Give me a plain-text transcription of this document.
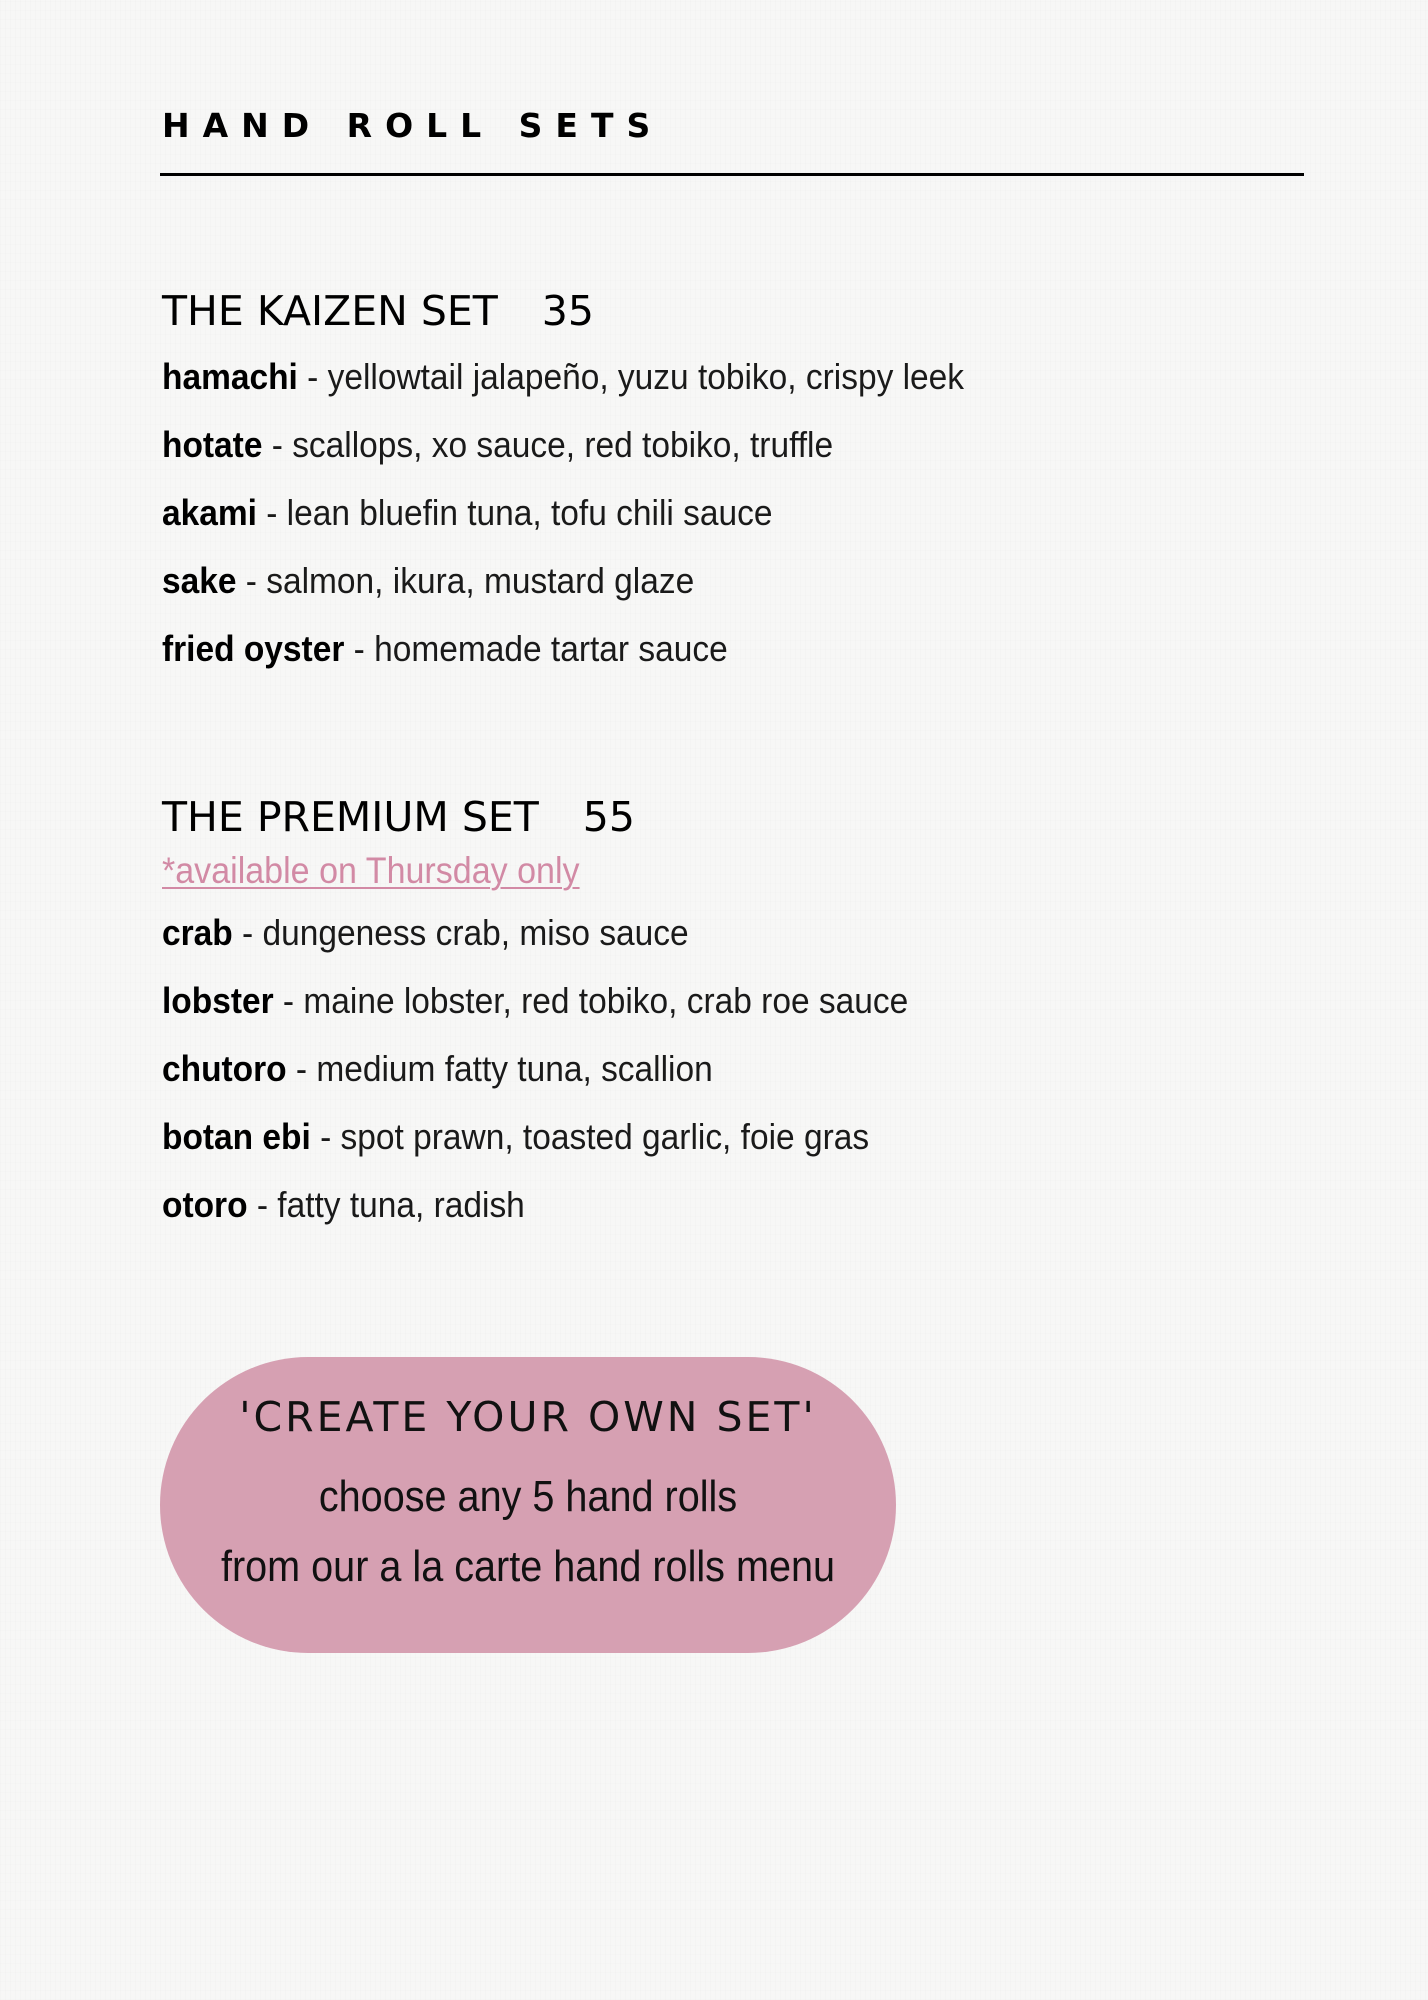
HAND ROLL SETS
THE KAIZEN SET 35
hamachi - yellowtail jalapeño, yuzu tobiko, crispy leek
hotate - scallops, xo sauce, red tobiko, truffle
akami - lean bluefin tuna, tofu chili sauce
sake - salmon, ikura, mustard glaze
fried oyster - homemade tartar sauce
THE PREMIUM SET 55
*available on Thursday only
crab - dungeness crab, miso sauce
lobster - maine lobster, red tobiko, crab roe sauce
chutoro - medium fatty tuna, scallion
botan ebi - spot prawn, toasted garlic, foie gras
otoro - fatty tuna, radish
'CREATE YOUR OWN SET'
choose any 5 hand rolls
from our a la carte hand rolls menu
